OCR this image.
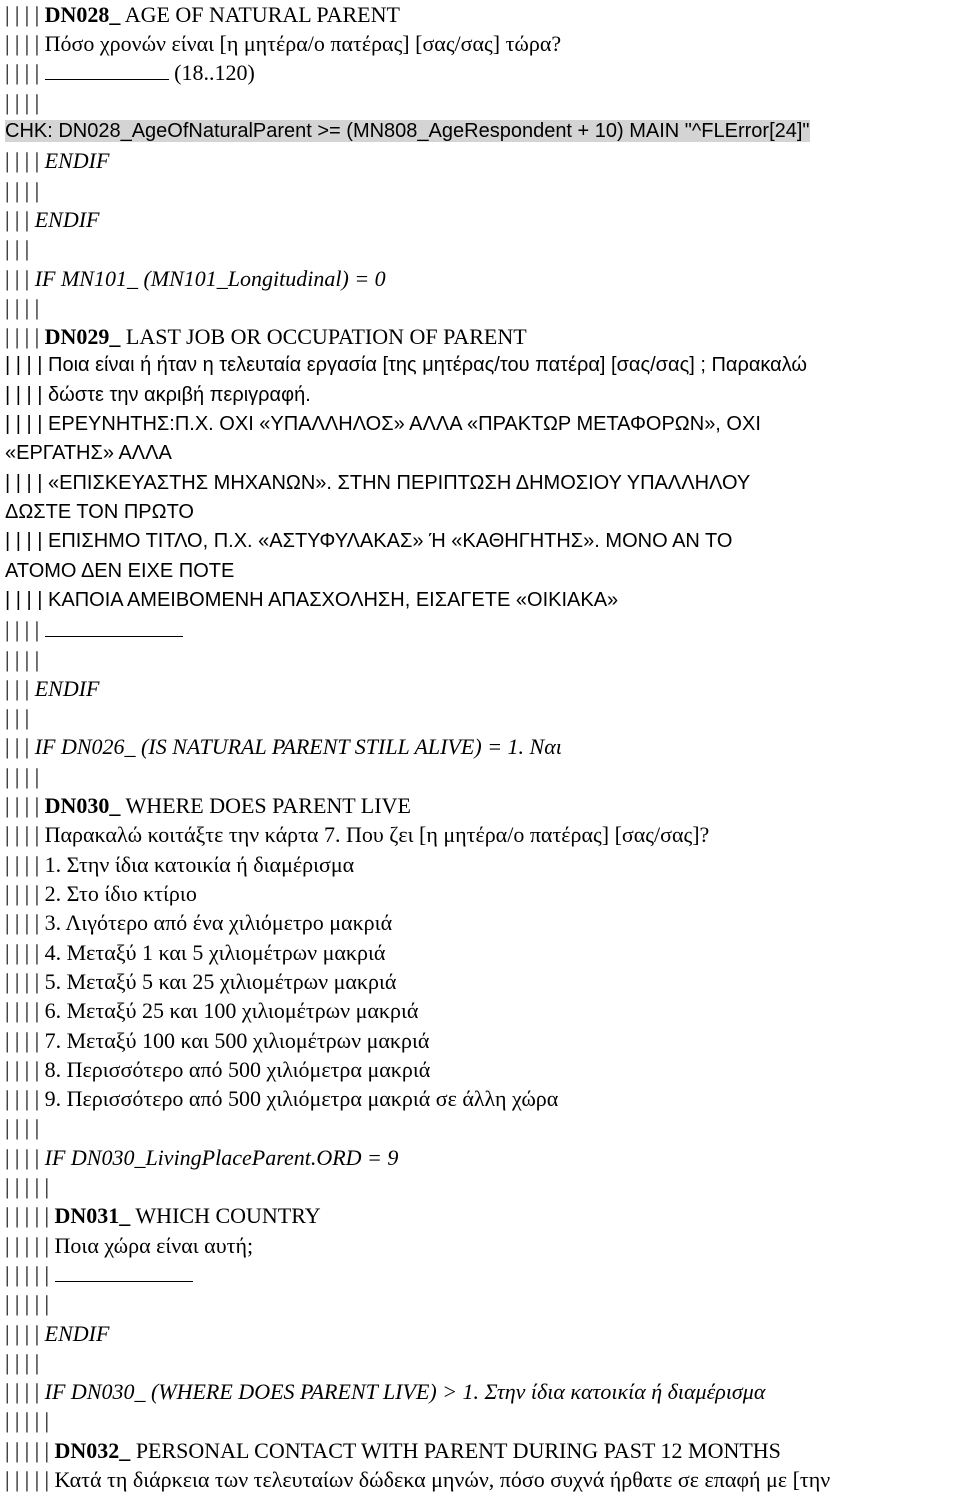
| | | | DN028_ AGE OF NATURAL PARENT
| | | | Πόσο χρονών είναι [η μητέρα/ο πατέρας] [σας/σας] τώρα?
| | | |	(18..120)
| | | |
CHK: DN028_AgeOfNaturalParent >= (MN808_AgeRespondent + 10) MAIN "^FLError[24]"
| | | | ENDIF
| | | |
| | | ENDIF
| | |
| | | IF MN101_ (MN101_Longitudinal) = 0
| | | |
| | | | DN029_ LAST JOB OR OCCUPATION OF PARENT
| | | | Ποια είναι ή ήταν η τελευταία εργασία [της μητέρας/του πατέρα] [σας/σας] ; Παρακαλώ
| | | | δώστε την ακριβή περιγραφή.
| | | | ΕΡΕΥΝΗΤΗΣ:Π.Χ. ΟΧΙ «ΥΠΑΛΛΗΛΟΣ» ΑΛΛΑ «ΠΡΑΚΤΩΡ ΜΕΤΑΦΟΡΩΝ», ΟΧΙ
«ΕΡΓΑΤΗΣ» ΑΛΛΑ
| | | | «ΕΠΙΣΚΕΥΑΣΤΗΣ ΜΗΧΑΝΩΝ». ΣΤΗΝ ΠΕΡΙΠΤΩΣΗ ΔΗΜΟΣΙΟΥ ΥΠΑΛΛΗΛΟΥ
ΔΩΣΤΕ ΤΟΝ ΠΡΩΤΟ
| | | | ΕΠΙΣΗΜΟ ΤΙΤΛΟ, Π.Χ. «ΑΣΤΥΦΥΛΑΚΑΣ» Ή «ΚΑΘΗΓΗΤΗΣ». ΜΟΝΟ ΑΝ ΤΟ
ΑΤΟΜΟ ΔΕΝ ΕΙΧΕ ΠΟΤΕ
| | | | ΚΑΠΟΙΑ ΑΜΕΙΒΟΜΕΝΗ ΑΠΑΣΧΟΛΗΣΗ, ΕΙΣΑΓΕΤΕ «ΟΙΚΙΑΚΑ»
| | | |
| | | |
| | | ENDIF
| | |
| | | IF DN026_ (IS NATURAL PARENT STILL ALIVE) = 1. Ναι
| | | |
| | | | DN030_ WHERE DOES PARENT LIVE
| | | | Παρακαλώ κοιτάξτε την κάρτα 7. Που ζει [η μητέρα/ο πατέρας] [σας/σας]?
| | | | 1. Στην ίδια κατοικία ή διαμέρισμα
| | | | 2. Στο ίδιο κτίριο
| | | | 3. Λιγότερο από ένα χιλιόμετρο μακριά
| | | | 4. Μεταξύ 1 και 5 χιλιομέτρων μακριά
| | | | 5. Μεταξύ 5 και 25 χιλιομέτρων μακριά
| | | | 6. Μεταξύ 25 και 100 χιλιομέτρων μακριά
| | | | 7. Μεταξύ 100 και 500 χιλιομέτρων μακριά
| | | | 8. Περισσότερο από 500 χιλιόμετρα μακριά
| | | | 9. Περισσότερο από 500 χιλιόμετρα μακριά σε άλλη χώρα
| | | |
| | | | IF DN030_LivingPlaceParent.ORD = 9
| | | | |
| | | | | DN031_ WHICH COUNTRY
| | | | | Ποια χώρα είναι αυτή;
| | | | |
| | | | |
| | | | ENDIF
| | | |
| | | | IF DN030_ (WHERE DOES PARENT LIVE) > 1. Στην ίδια κατοικία ή διαμέρισμα
| | | | |
| | | | | DN032_ PERSONAL CONTACT WITH PARENT DURING PAST 12 MONTHS
| | | | | Κατά τη διάρκεια των τελευταίων δώδεκα μηνών, πόσο συχνά ήρθατε σε επαφή με [την
